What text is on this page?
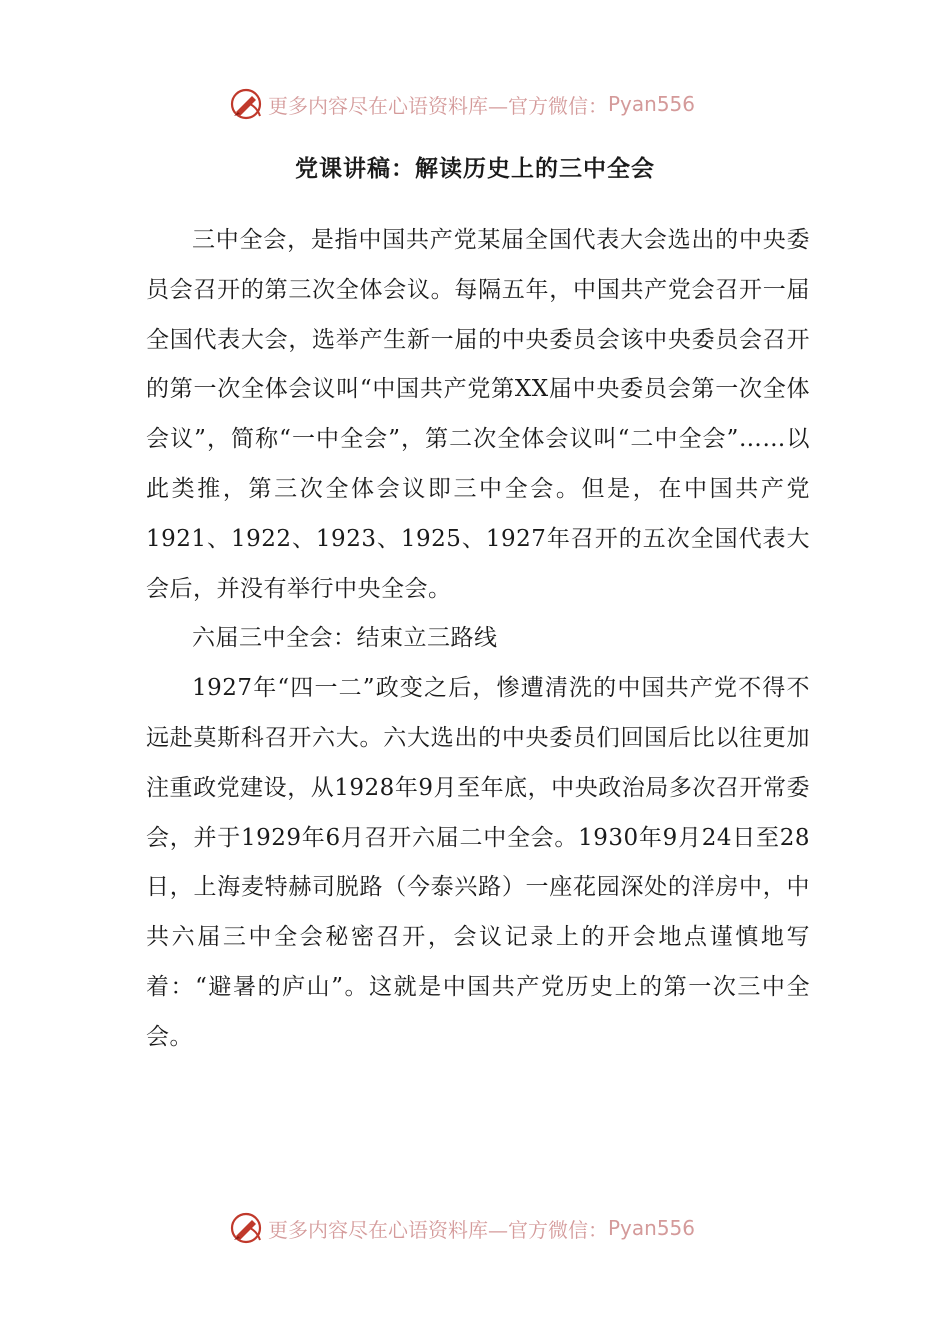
更多内容尽在心语资料库—官方微信： Pyan556
党课讲稿：解读历史上的三中全会

三中全会，是指中国共产党某届全国代表大会选出的中央委员会召开的第三次全体会议。每隔五年，中国共产党会召开一届全国代表大会，选举产生新一届的中央委员会该中央委员会召开的第一次全体会议叫“中国共产党第XX届中央委员会第一次全体会议”，简称“一中全会”，第二次全体会议叫“二中全会”……以此类推，第三次全体会议即三中全会。但是，在中国共产党1921、1922、1923、1925、1927年召开的五次全国代表大会后，并没有举行中央全会。

六届三中全会：结束立三路线

1927年“四一二”政变之后，惨遭清洗的中国共产党不得不远赴莫斯科召开六大。六大选出的中央委员们回国后比以往更加注重政党建设，从1928年9月至年底，中央政治局多次召开常委会，并于1929年6月召开六届二中全会。1930年9月24日至28日，上海麦特赫司脱路（今泰兴路）一座花园深处的洋房中，中共六届三中全会秘密召开，会议记录上的开会地点谨慎地写着：“避暑的庐山”。这就是中国共产党历史上的第一次三中全会。

更多内容尽在心语资料库—官方微信： Pyan556
